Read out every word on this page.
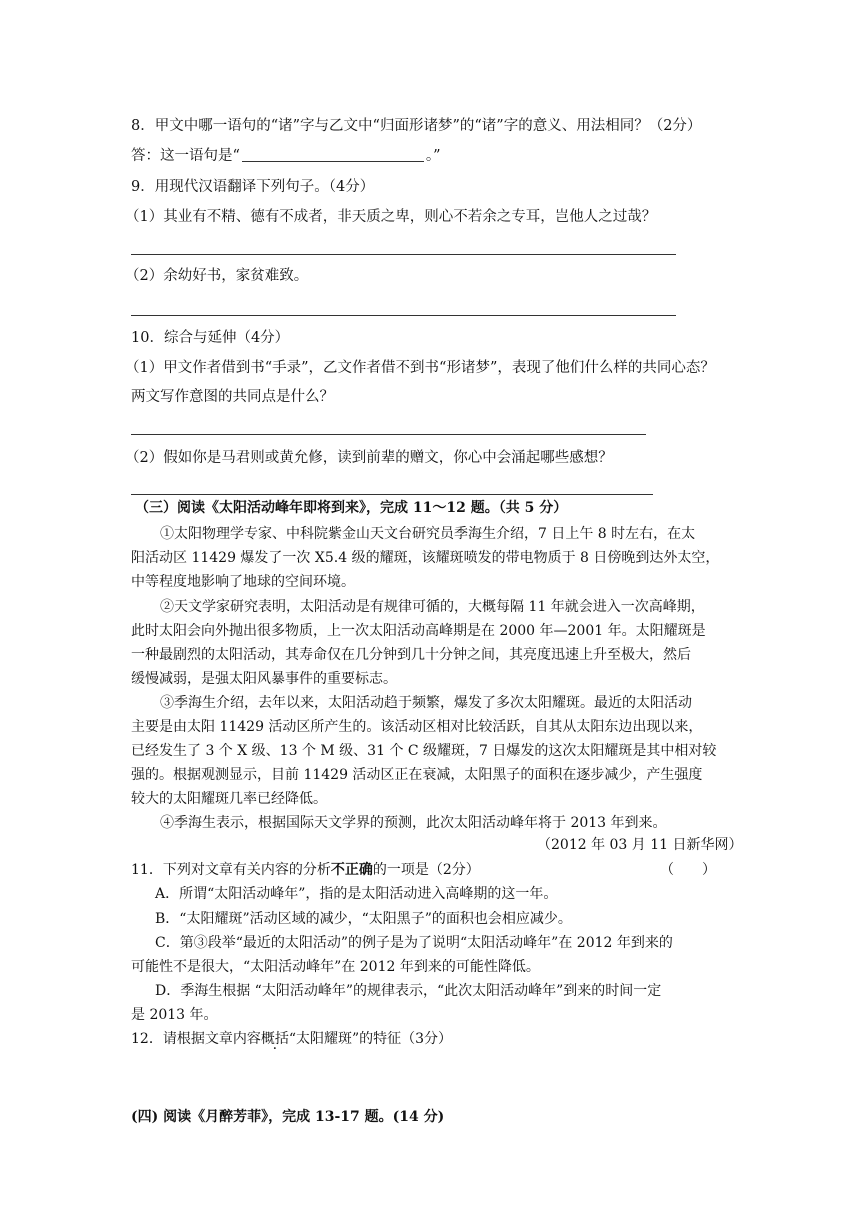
8．甲文中哪一语句的“诸”字与乙文中“归面形诸梦”的“诸”字的意义、用法相同？（2分）
答：这一语句是“	。”
9．用现代汉语翻译下列句子。（4分）
（1）其业有不精、德有不成者，非天质之卑，则心不若余之专耳，岂他人之过哉？
（2）余幼好书，家贫难致。
10．综合与延伸（4分）
（1）甲文作者借到书“手录”，乙文作者借不到书“形诸梦”，表现了他们什么样的共同心态？
两文写作意图的共同点是什么？
（2）假如你是马君则或黄允修，读到前辈的赠文，你心中会涌起哪些感想？
（三）阅读《太阳活动峰年即将到来》，完成 11～12 题。（共 5 分）
①太阳物理学专家、中科院紫金山天文台研究员季海生介绍，7 日上午 8 时左右，在太
阳活动区 11429 爆发了一次 X5.4 级的耀斑，该耀斑喷发的带电物质于 8 日傍晚到达外太空，
中等程度地影响了地球的空间环境。
②天文学家研究表明，太阳活动是有规律可循的，大概每隔 11 年就会进入一次高峰期，
此时太阳会向外抛出很多物质，上一次太阳活动高峰期是在 2000 年—2001 年。太阳耀斑是
一种最剧烈的太阳活动，其寿命仅在几分钟到几十分钟之间，其亮度迅速上升至极大，然后
缓慢减弱，是强太阳风暴事件的重要标志。
③季海生介绍，去年以来，太阳活动趋于频繁，爆发了多次太阳耀斑。最近的太阳活动
主要是由太阳 11429 活动区所产生的。该活动区相对比较活跃，自其从太阳东边出现以来，
已经发生了 3 个 X 级、13 个 M 级、31 个 C 级耀斑，7 日爆发的这次太阳耀斑是其中相对较
强的。根据观测显示，目前 11429 活动区正在衰减，太阳黑子的面积在逐步减少，产生强度
较大的太阳耀斑几率已经降低。
④季海生表示，根据国际天文学界的预测，此次太阳活动峰年将于 2013 年到来。
（2012 年 03 月 11 日新华网）
11．下列对文章有关内容的分析不正确的一项是（2分）	（　　）
A．所谓“太阳活动峰年”，指的是太阳活动进入高峰期的这一年。
B．“太阳耀斑”活动区域的减少，“太阳黑子”的面积也会相应减少。
C．第③段举“最近的太阳活动”的例子是为了说明“太阳活动峰年”在 2012 年到来的
可能性不是很大，“太阳活动峰年”在 2012 年到来的可能性降低。
D．季海生根据 “太阳活动峰年”的规律表示，“此次太阳活动峰年”到来的时间一定
是 2013 年。
12．请根据文章内容概括“太阳耀斑”的特征（3分）
(四) 阅读《月醉芳菲》，完成 13-17 题。(14 分)
